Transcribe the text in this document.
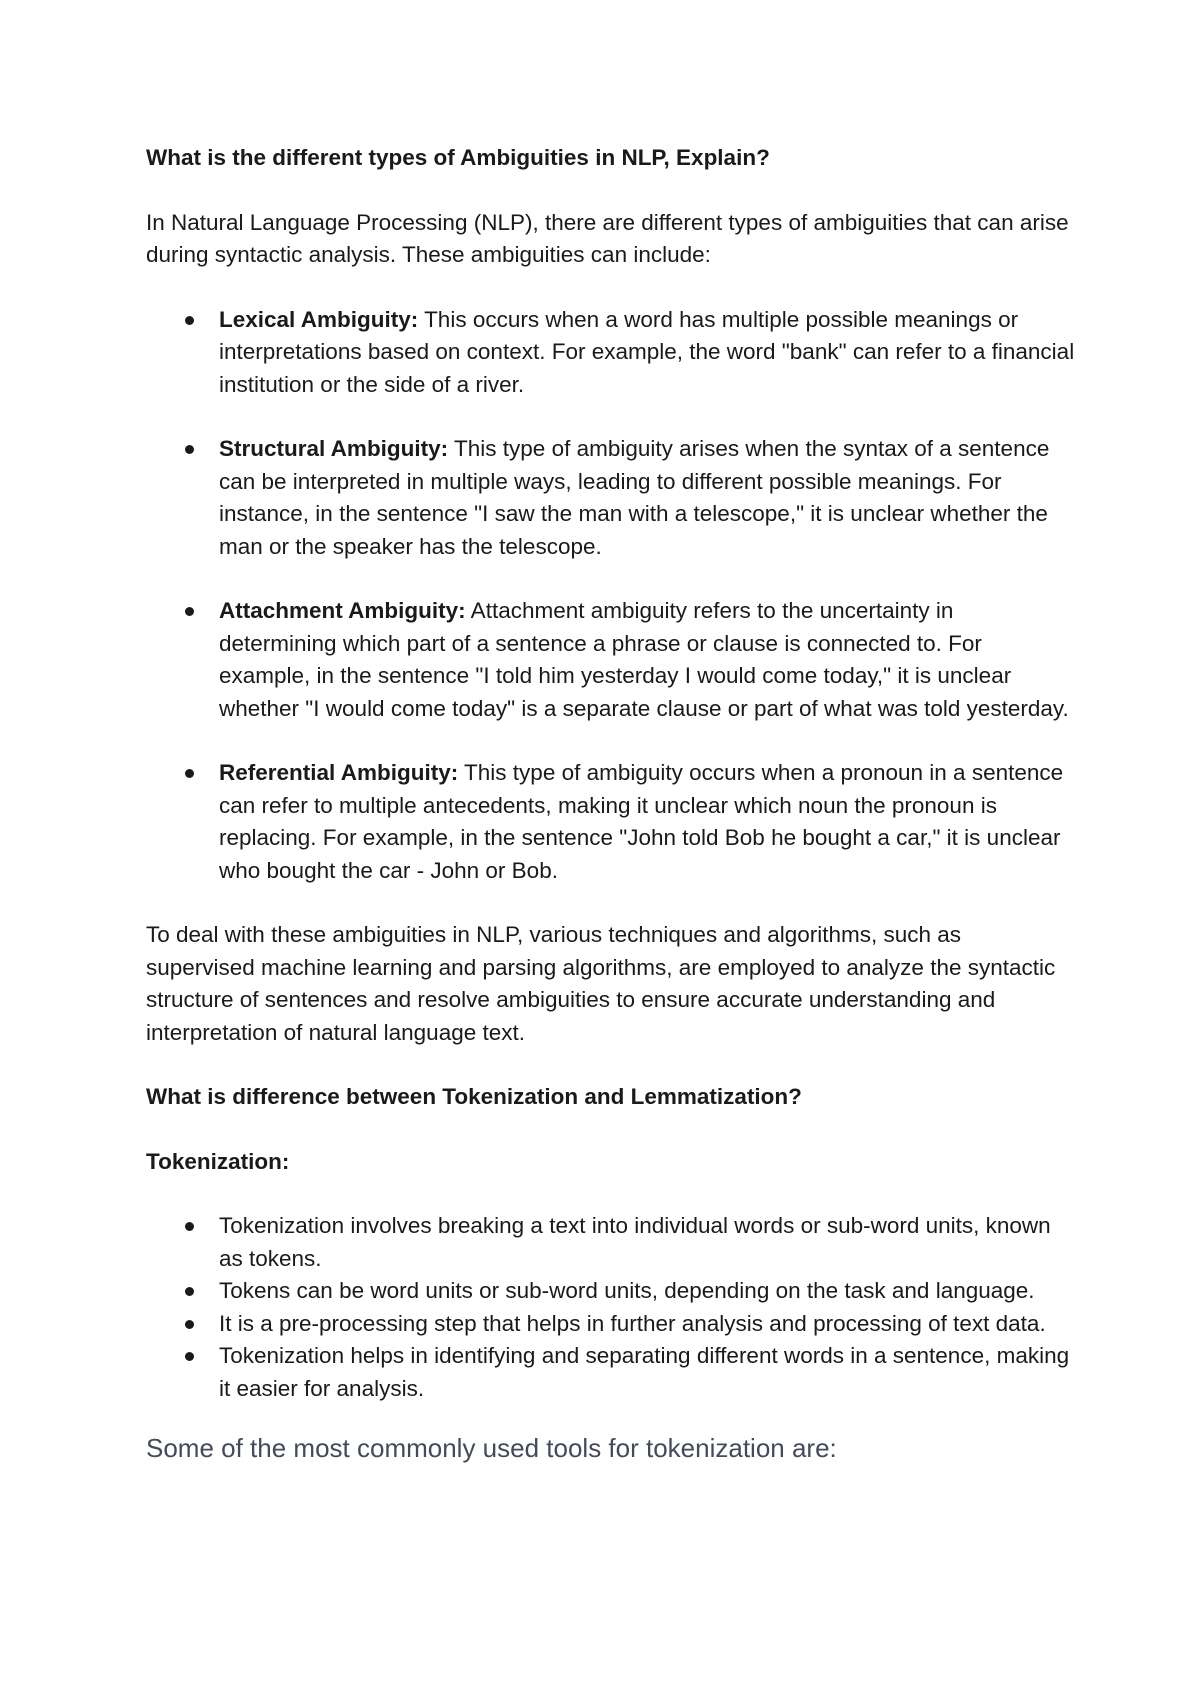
What is the different types of Ambiguities in NLP, Explain?

In Natural Language Processing (NLP), there are different types of ambiguities that can arise during syntactic analysis. These ambiguities can include:

Lexical Ambiguity: This occurs when a word has multiple possible meanings or interpretations based on context. For example, the word "bank" can refer to a financial institution or the side of a river.
Structural Ambiguity: This type of ambiguity arises when the syntax of a sentence can be interpreted in multiple ways, leading to different possible meanings. For instance, in the sentence "I saw the man with a telescope," it is unclear whether the man or the speaker has the telescope.
Attachment Ambiguity: Attachment ambiguity refers to the uncertainty in determining which part of a sentence a phrase or clause is connected to. For example, in the sentence "I told him yesterday I would come today," it is unclear whether "I would come today" is a separate clause or part of what was told yesterday.
Referential Ambiguity: This type of ambiguity occurs when a pronoun in a sentence can refer to multiple antecedents, making it unclear which noun the pronoun is replacing. For example, in the sentence "John told Bob he bought a car," it is unclear who bought the car - John or Bob.

To deal with these ambiguities in NLP, various techniques and algorithms, such as supervised machine learning and parsing algorithms, are employed to analyze the syntactic structure of sentences and resolve ambiguities to ensure accurate understanding and interpretation of natural language text.

What is difference between Tokenization and Lemmatization?

Tokenization:

Tokenization involves breaking a text into individual words or sub-word units, known as tokens.
Tokens can be word units or sub-word units, depending on the task and language.
It is a pre-processing step that helps in further analysis and processing of text data.
Tokenization helps in identifying and separating different words in a sentence, making it easier for analysis.

Some of the most commonly used tools for tokenization are:
